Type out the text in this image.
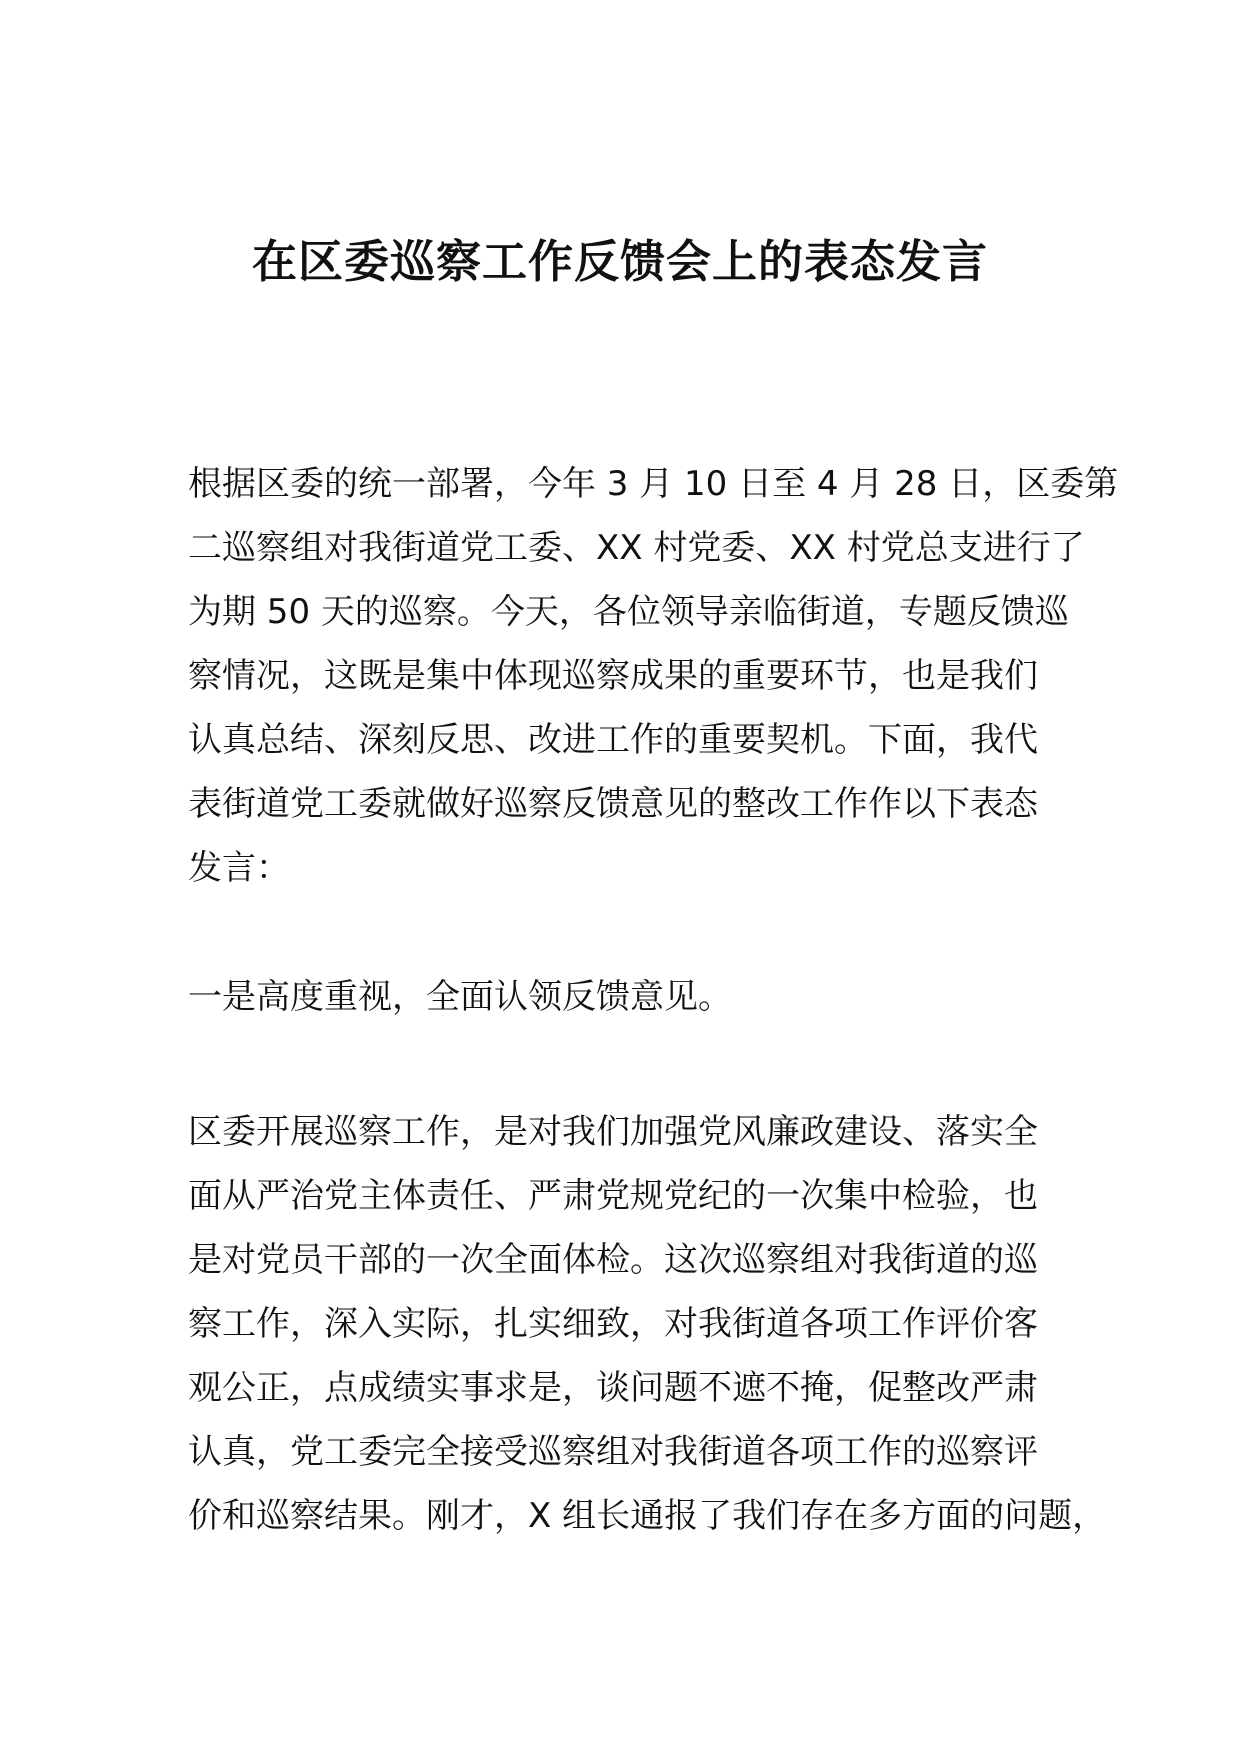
在区委巡察工作反馈会上的表态发言

根据区委的统一部署，今年 3 月 10 日至 4 月 28 日，区委第
二巡察组对我街道党工委、XX 村党委、XX 村党总支进行了
为期 50 天的巡察。今天，各位领导亲临街道，专题反馈巡
察情况，这既是集中体现巡察成果的重要环节，也是我们
认真总结、深刻反思、改进工作的重要契机。下面，我代
表街道党工委就做好巡察反馈意见的整改工作作以下表态
发言：

一是高度重视，全面认领反馈意见。

区委开展巡察工作，是对我们加强党风廉政建设、落实全
面从严治党主体责任、严肃党规党纪的一次集中检验，也
是对党员干部的一次全面体检。这次巡察组对我街道的巡
察工作，深入实际，扎实细致，对我街道各项工作评价客
观公正，点成绩实事求是，谈问题不遮不掩，促整改严肃
认真，党工委完全接受巡察组对我街道各项工作的巡察评
价和巡察结果。刚才，X 组长通报了我们存在多方面的问题，
